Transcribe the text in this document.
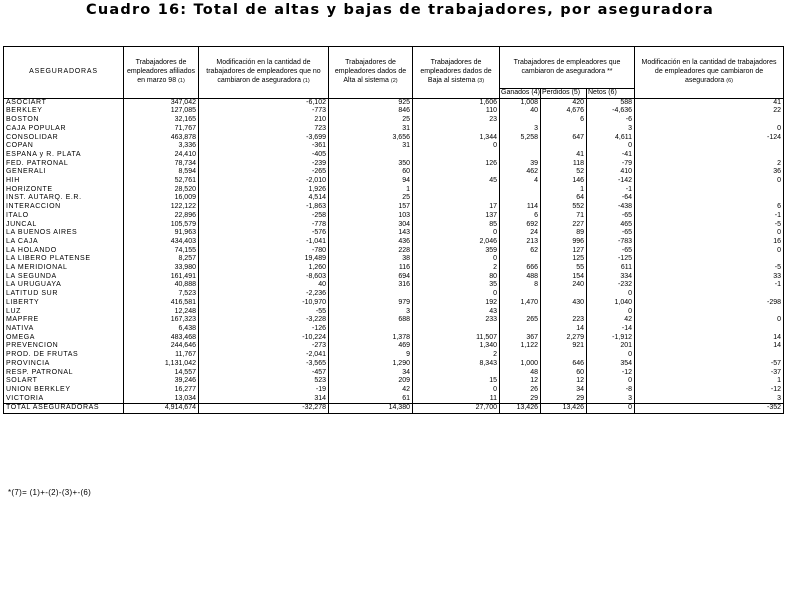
Cuadro 16: Total de altas y bajas de trabajadores, por aseguradora
ASEGURADORAS	Trabajadores de empleadores afiliados en marzo 98 (1)	Modificación en la cantidad de trabajadores de empleadores que no cambiaron de aseguradora (1)	Trabajadores de empleadores dados de Alta al sistema (2)	Trabajadores de empleadores dados de Baja al sistema (3)	Trabajadores de empleadores que cambiaron de aseguradora **			Modificación en la cantidad de trabajadores de empleadores que cambiaron de aseguradora (6)
					Ganados (4)	Perdidos (5)	Netos (6)	
ASOCIART	347,042	-6,102	925	1,606	1,008	420	588	41
BERKLEY	127,085	-773	846	110	40	4,676	-4,636	22
BOSTON	32,165	210	25	23		6	-6	
CAJA POPULAR	71,767	723	31		3		3	0
CONSOLIDAR	463,878	-3,699	3,656	1,344	5,258	647	4,611	-124
COPAN	3,336	-361	31	0			0	
ESPAÑA y R. PLATA	24,410	-405				41	-41	
FED. PATRONAL	78,734	-239	350	126	39	118	-79	2
GENERALI	8,594	-265	60		462	52	410	36
HIH	52,761	-2,010	94	45	4	146	-142	0
HORIZONTE	28,520	1,926	1			1	-1	
INST. AUTARQ. E.R.	16,009	4,514	25			64	-64	
INTERACCION	122,122	-1,863	157	17	114	552	-438	6
ITALO	22,896	-258	103	137	6	71	-65	-1
JUNCAL	105,579	-778	304	85	692	227	465	-5
LA BUENOS AIRES	91,963	-576	143	0	24	89	-65	0
LA CAJA	434,403	-1,041	436	2,046	213	996	-783	16
LA HOLANDO	74,155	-780	228	359	62	127	-65	0
LA LIBERO PLATENSE	8,257	19,489	38	0		125	-125	
LA MERIDIONAL	33,980	1,260	116	2	666	55	611	-5
LA SEGUNDA	161,491	-8,603	694	80	488	154	334	33
LA URUGUAYA	40,888	40	316	35	8	240	-232	-1
LATITUD SUR	7,523	-2,236		0			0	
LIBERTY	416,581	-10,970	979	192	1,470	430	1,040	-298
LUZ	12,248	-55	3	43			0	
MAPFRE	167,323	-3,228	688	233	265	223	42	0
NATIVA	6,438	-126				14	-14	
OMEGA	483,468	-10,224	1,378	11,507	367	2,279	-1,912	14
PREVENCION	244,646	-273	469	1,340	1,122	921	201	14
PROD. DE FRUTAS	11,767	-2,041	9	2			0	
PROVINCIA	1,131,042	-3,565	1,290	8,343	1,000	646	354	-57
RESP. PATRONAL	14,557	-457	34		48	60	-12	-37
SOLART	39,246	523	209	15	12	12	0	1
UNION BERKLEY	16,277	-19	42	0	26	34	-8	-12
VICTORIA	13,034	314	61	11	29	29	3	3
TOTAL ASEGURADORAS	4,914,674	-32,278	14,380	27,700	13,426	13,426	0	-352
*(7)= (1)+-(2)-(3)+-(6)
